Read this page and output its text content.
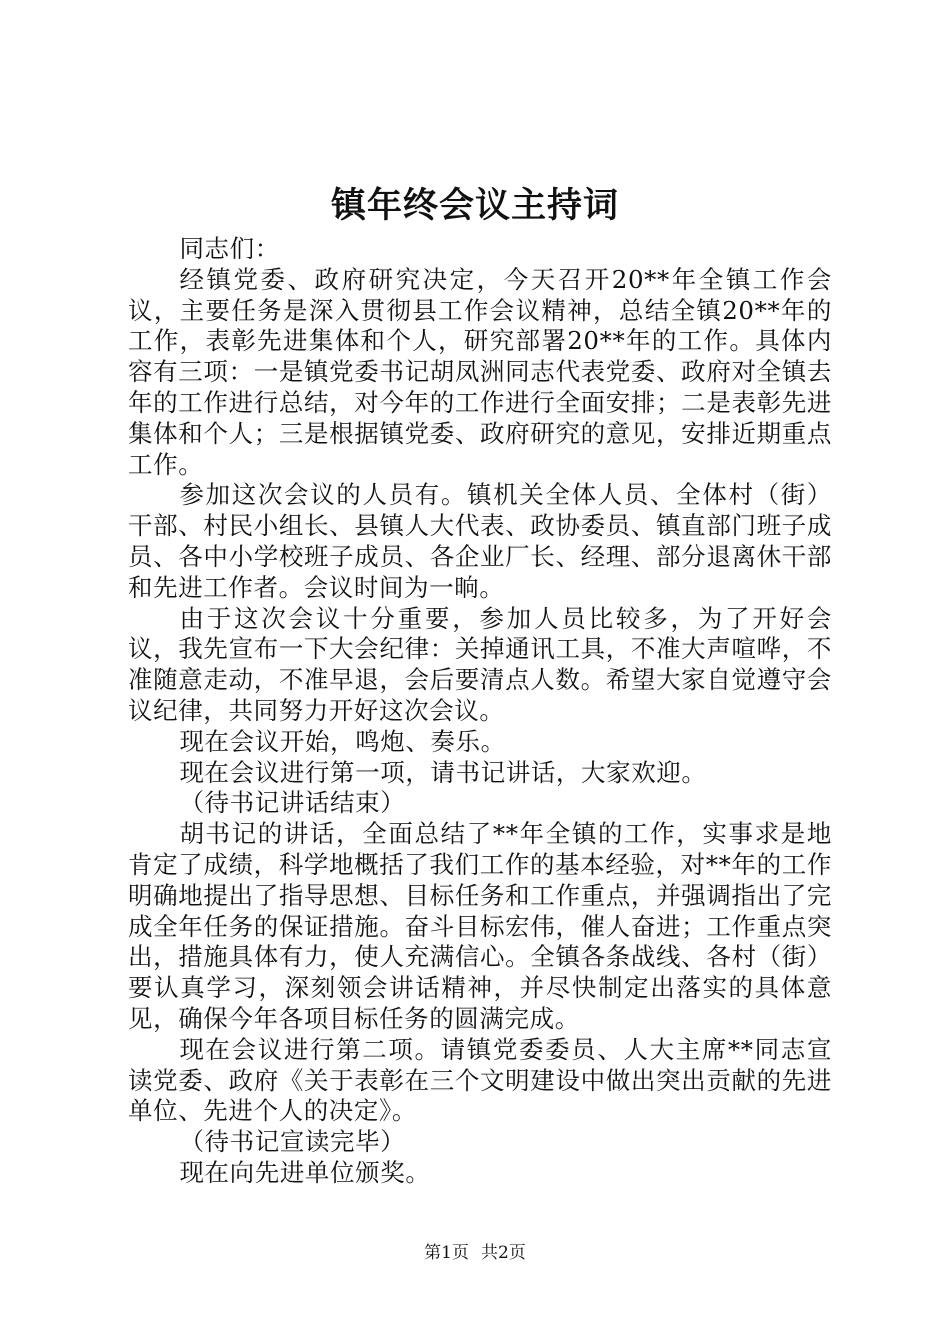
镇年终会议主持词

同志们：

经镇党委、政府研究决定，今天召开20**年全镇工作会议，主要任务是深入贯彻县工作会议精神，总结全镇20**年的工作，表彰先进集体和个人，研究部署20**年的工作。具体内容有三项：一是镇党委书记胡凤洲同志代表党委、政府对全镇去年的工作进行总结，对今年的工作进行全面安排；二是表彰先进集体和个人；三是根据镇党委、政府研究的意见，安排近期重点工作。

参加这次会议的人员有。镇机关全体人员、全体村（街）干部、村民小组长、县镇人大代表、政协委员、镇直部门班子成员、各中小学校班子成员、各企业厂长、经理、部分退离休干部和先进工作者。会议时间为一晌。

由于这次会议十分重要，参加人员比较多，为了开好会议，我先宣布一下大会纪律：关掉通讯工具，不准大声喧哗，不准随意走动，不准早退，会后要清点人数。希望大家自觉遵守会议纪律，共同努力开好这次会议。

现在会议开始，鸣炮、奏乐。

现在会议进行第一项，请书记讲话，大家欢迎。

（待书记讲话结束）

胡书记的讲话，全面总结了**年全镇的工作，实事求是地肯定了成绩，科学地概括了我们工作的基本经验，对**年的工作明确地提出了指导思想、目标任务和工作重点，并强调指出了完成全年任务的保证措施。奋斗目标宏伟，催人奋进；工作重点突出，措施具体有力，使人充满信心。全镇各条战线、各村（街）要认真学习，深刻领会讲话精神，并尽快制定出落实的具体意见，确保今年各项目标任务的圆满完成。

现在会议进行第二项。请镇党委委员、人大主席**同志宣读党委、政府《关于表彰在三个文明建设中做出突出贡献的先进单位、先进个人的决定》。

（待书记宣读完毕）

现在向先进单位颁奖。

第1页 共2页
